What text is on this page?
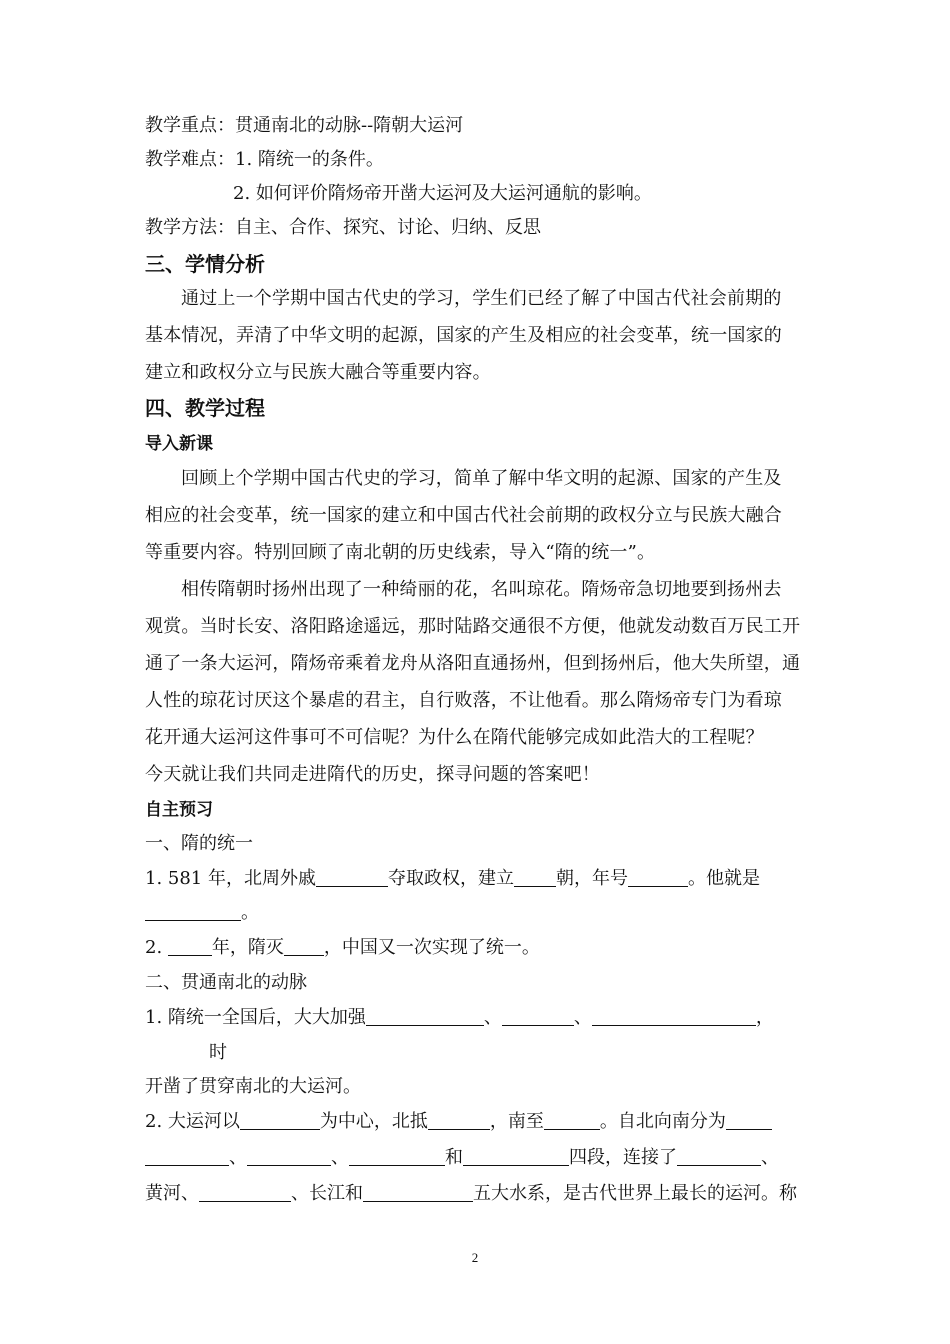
教学重点：贯通南北的动脉--隋朝大运河
教学难点：1. 隋统一的条件。
2. 如何评价隋炀帝开凿大运河及大运河通航的影响。
教学方法：自主、合作、探究、讨论、归纳、反思
三、学情分析
通过上一个学期中国古代史的学习，学生们已经了解了中国古代社会前期的
基本情况，弄清了中华文明的起源，国家的产生及相应的社会变革，统一国家的
建立和政权分立与民族大融合等重要内容。
四、教学过程
导入新课
回顾上个学期中国古代史的学习，简单了解中华文明的起源、国家的产生及
相应的社会变革，统一国家的建立和中国古代社会前期的政权分立与民族大融合
等重要内容。特别回顾了南北朝的历史线索，导入“隋的统一”。
相传隋朝时扬州出现了一种绮丽的花，名叫琼花。隋炀帝急切地要到扬州去
观赏。当时长安、洛阳路途遥远，那时陆路交通很不方便，他就发动数百万民工开
通了一条大运河，隋炀帝乘着龙舟从洛阳直通扬州，但到扬州后，他大失所望，通
人性的琼花讨厌这个暴虐的君主，自行败落，不让他看。那么隋炀帝专门为看琼
花开通大运河这件事可不可信呢？为什么在隋代能够完成如此浩大的工程呢？
今天就让我们共同走进隋代的历史，探寻问题的答案吧！
自主预习
一、隋的统一
1. 581 年，北周外戚	夺取政权，建立 朝，年号	。他就是
。
2. 年，隋灭 ，中国又一次实现了统一。
二、贯通南北的动脉
1. 隋统一全国后，大大加强	、	、	，
时
开凿了贯穿南北的大运河。
2. 大运河以	为中心，北抵	，南至	。自北向南分为
、	、	和	四段，连接了	、
黄河、	、长江和	五大水系，是古代世界上最长的运河。称
2
